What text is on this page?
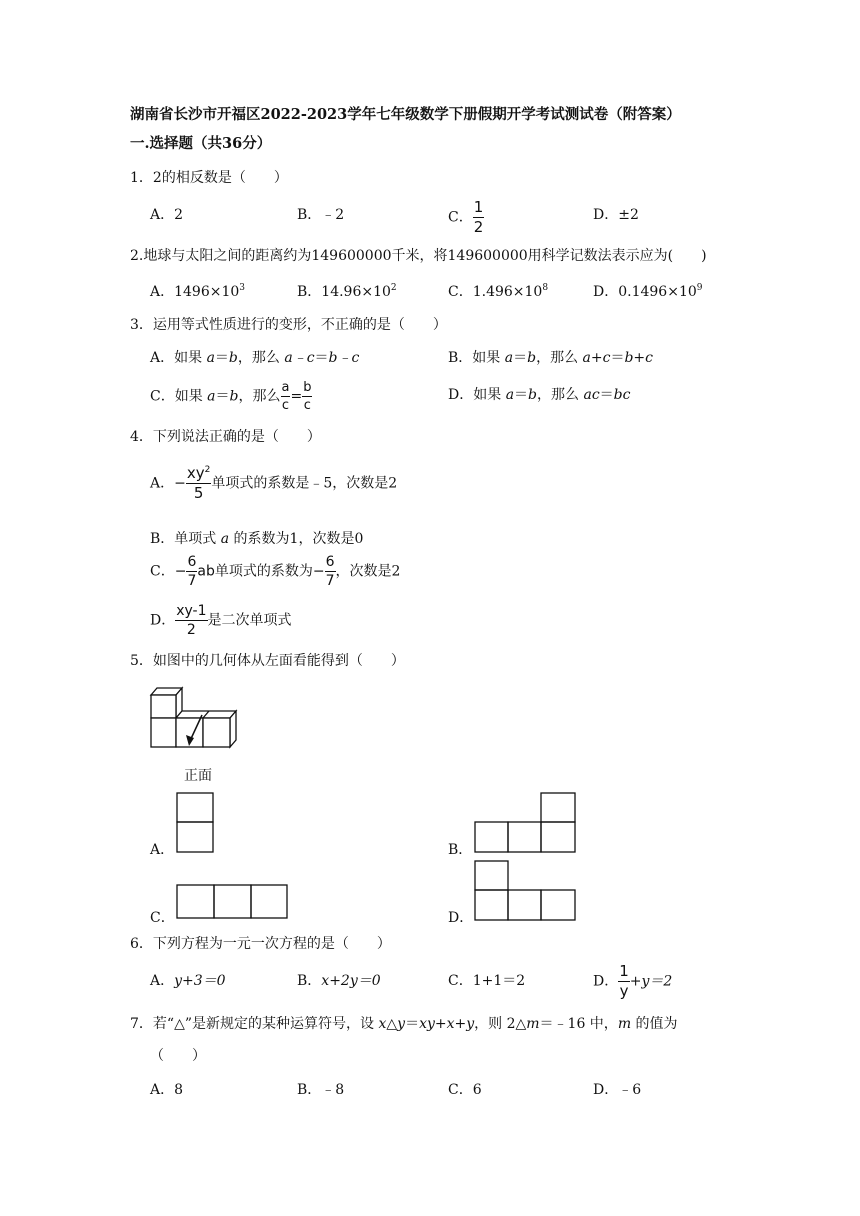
湖南省长沙市开福区2022-2023学年七年级数学下册假期开学考试测试卷（附答案）
一.选择题（共36分）
1．2的相反数是（　　）
A．2	B．﹣2	C． $\frac{1}{2}$	D．±2
2.地球与太阳之间的距离约为149600000千米，将149600000用科学记数法表示应为(　　)
A．$1496\times 10^3$	B．$14.96\times 10^2$	C．$1.496\times 10^8$	D．$0.1496\times 10^9$
3．运用等式性质进行的变形，不正确的是（　　）
A．如果 a＝b，那么 a﹣c＝b﹣c	B．如果 a＝b，那么 a+c＝b+c
C．如果 a＝b，那么 $\frac{a}{c} = \frac{b}{c}$	D．如果 a＝b，那么 ac＝bc
4．下列说法正确的是（　　）
A．− $\frac{xy^2}{5}$ 单项式的系数是﹣5，次数是2
B．单项式 a 的系数为1，次数是0
C．− $\frac{6}{7}$ ab单项式的系数为− $\frac{6}{7}$ ，次数是2
D． $\frac{xy-1}{2}$ 是二次单项式
5．如图中的几何体从左面看能得到（　　）
正面
A．	B．
C．	D．
6．下列方程为一元一次方程的是（　　）
A．y+3＝0	B．x+2y＝0	C．1+1＝2	D． $\frac{1}{y} +y=2$
7．若“△”是新规定的某种运算符号，设 x△y＝xy+x+y，则 2△m＝﹣16 中，m 的值为
（　　）
A．8	B．﹣8	C．6	D．﹣6
